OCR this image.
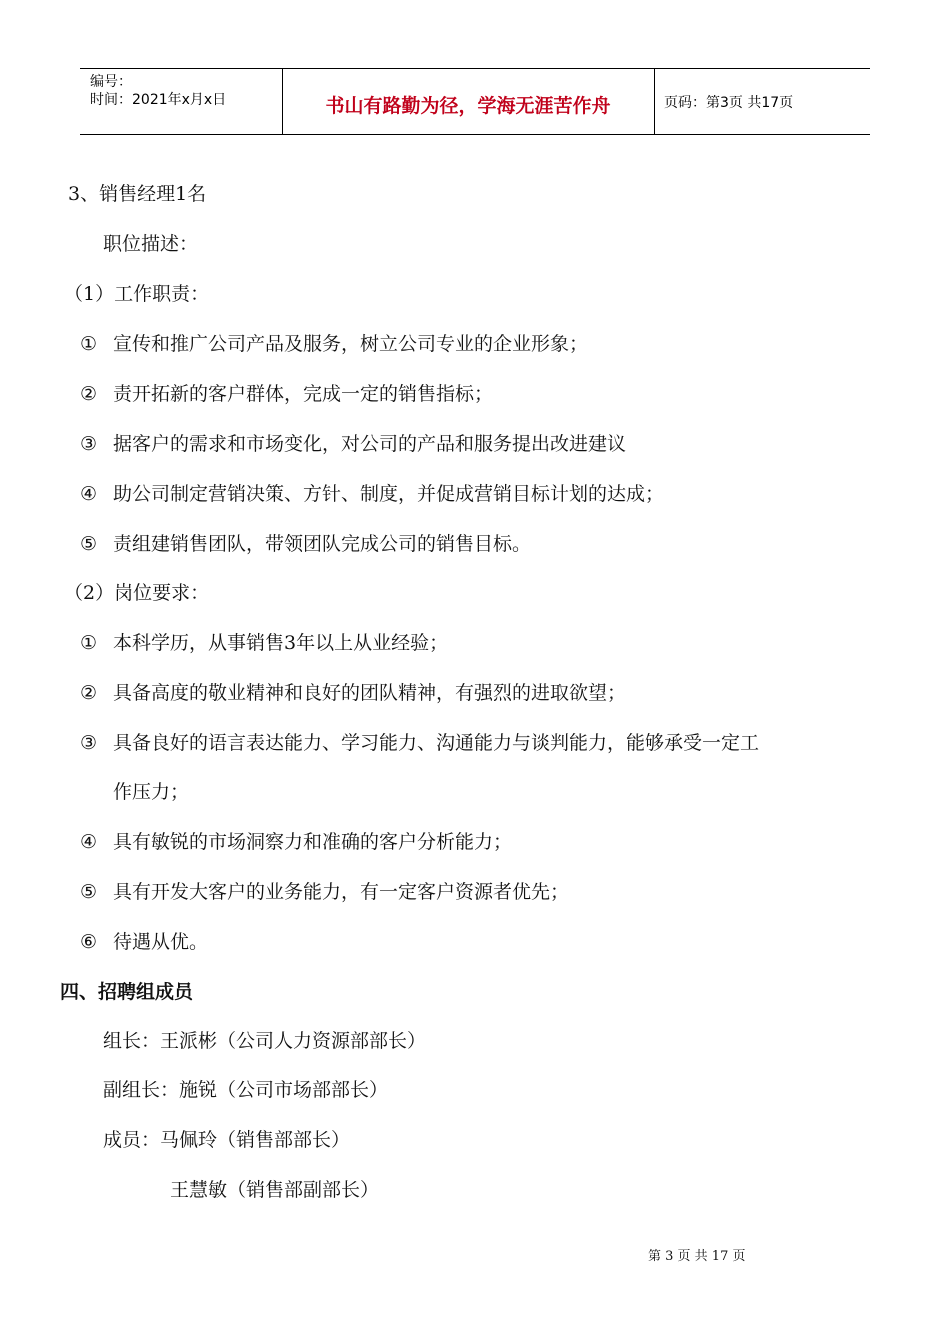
编号：
时间：2021年x月x日	书山有路勤为径，学海无涯苦作舟	页码：第3页 共17页
3、销售经理1名
职位描述：
（1）工作职责：
① 宣传和推广公司产品及服务，树立公司专业的企业形象；
② 责开拓新的客户群体，完成一定的销售指标；
③ 据客户的需求和市场变化，对公司的产品和服务提出改进建议
④ 助公司制定营销决策、方针、制度，并促成营销目标计划的达成；
⑤ 责组建销售团队，带领团队完成公司的销售目标。
（2）岗位要求：
① 本科学历，从事销售3年以上从业经验；
② 具备高度的敬业精神和良好的团队精神，有强烈的进取欲望；
③ 具备良好的语言表达能力、学习能力、沟通能力与谈判能力，能够承受一定工
作压力；
④ 具有敏锐的市场洞察力和准确的客户分析能力；
⑤ 具有开发大客户的业务能力，有一定客户资源者优先；
⑥ 待遇从优。
四、招聘组成员
组长：王派彬（公司人力资源部部长）
副组长：施锐（公司市场部部长）
成员：马佩玲（销售部部长）
王慧敏（销售部副部长）
第 3 页 共 17 页
